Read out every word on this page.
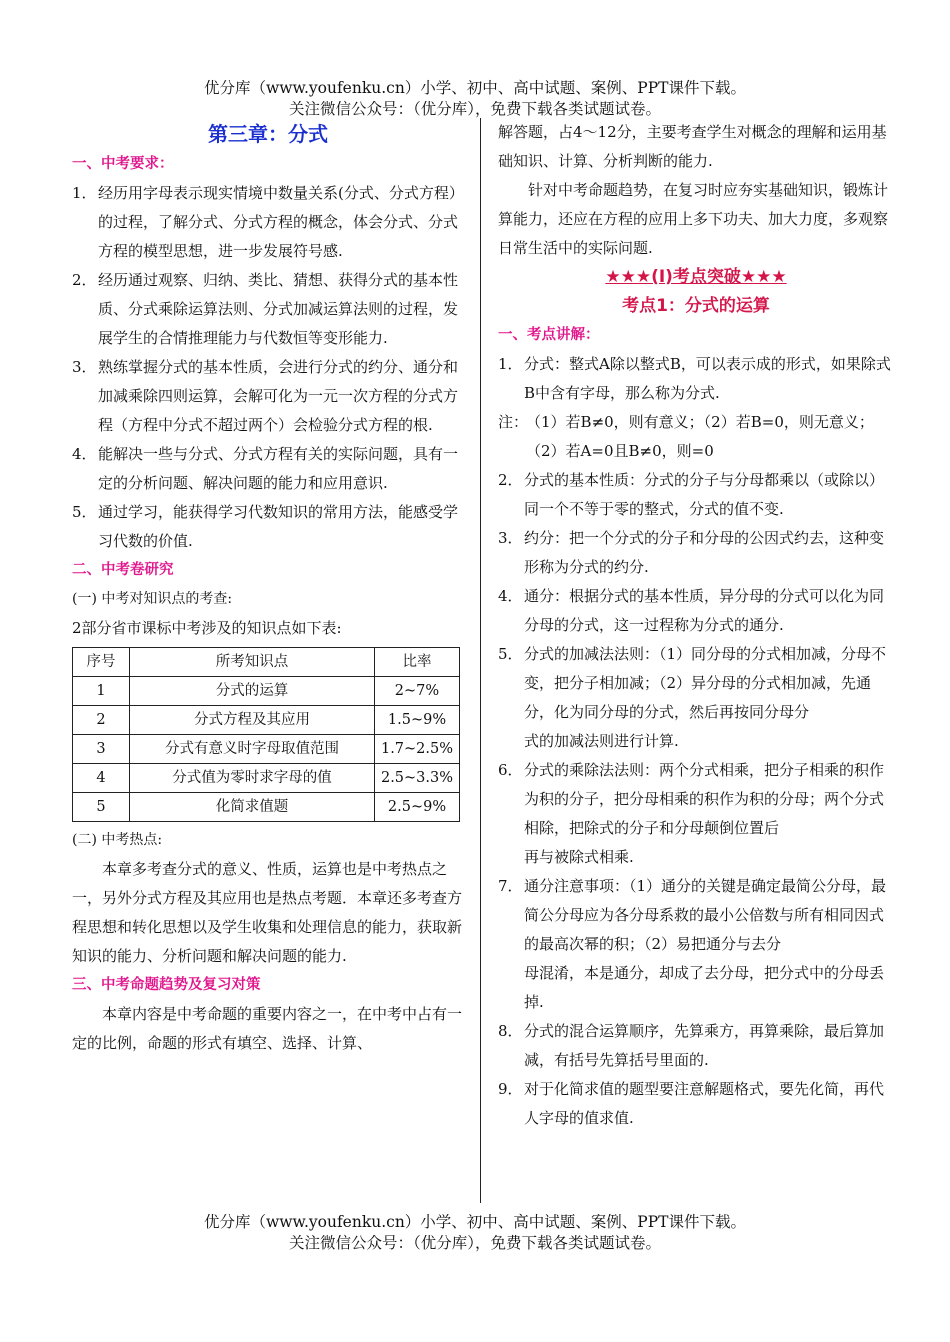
优分库（www.youfenku.cn）小学、初中、高中试题、案例、PPT课件下载。
关注微信公众号：（优分库），免费下载各类试题试卷。
第三章：分式
一、中考要求：
1． 经历用字母表示现实情境中数量关系(分式、分式方程）的过程，了解分式、分式方程的概念，体会分式、分式方程的模型思想，进一步发展符号感.
2． 经历通过观察、归纳、类比、猜想、获得分式的基本性质、分式乘除运算法则、分式加减运算法则的过程，发展学生的合情推理能力与代数恒等变形能力.
3． 熟练掌握分式的基本性质，会进行分式的约分、通分和加减乘除四则运算，会解可化为一元一次方程的分式方程（方程中分式不超过两个）会检验分式方程的根.
4． 能解决一些与分式、分式方程有关的实际问题，具有一定的分析问题、解决问题的能力和应用意识.
5． 通过学习，能获得学习代数知识的常用方法，能感受学习代数的价值.
二、中考卷研究
(一) 中考对知识点的考查:
2部分省市课标中考涉及的知识点如下表:
序号	所考知识点	比率
1	分式的运算	2~7%
2	分式方程及其应用	1.5~9%
3	分式有意义时字母取值范围	1.7~2.5%
4	分式值为零时求字母的值	2.5~3.3%
5	化简求值题	2.5~9%
(二) 中考热点:
本章多考查分式的意义、性质，运算也是中考热点之一，另外分式方程及其应用也是热点考题．本章还多考查方程思想和转化思想以及学生收集和处理信息的能力，获取新知识的能力、分析问题和解决问题的能力.
三、中考命题趋势及复习对策
本章内容是中考命题的重要内容之一，在中考中占有一定的比例，命题的形式有填空、选择、计算、
解答题，占4～12分，主要考查学生对概念的理解和运用基础知识、计算、分析判断的能力.
针对中考命题趋势，在复习时应夯实基础知识，锻炼计算能力，还应在方程的应用上多下功夫、加大力度，多观察日常生活中的实际问题.
★★★(I)考点突破★★★
考点1：分式的运算
一、考点讲解：
1． 分式：整式A除以整式B，可以表示成的形式，如果除式B中含有字母，那么称为分式.
注：
（1）若B≠0，则有意义；（2）若B=0，则无意义；（2）若A=0且B≠0，则=0
2． 分式的基本性质：分式的分子与分母都乘以（或除以）同一个不等于零的整式，分式的值不变.
3． 约分：把一个分式的分子和分母的公因式约去，这种变形称为分式的约分.
4． 通分：根据分式的基本性质，异分母的分式可以化为同分母的分式，这一过程称为分式的通分.
5． 分式的加减法法则：（1）同分母的分式相加减，分母不变，把分子相加减；（2）异分母的分式相加减，先通分，化为同分母的分式，然后再按同分母分
式的加减法则进行计算.
6． 分式的乘除法法则：两个分式相乘，把分子相乘的积作为积的分子，把分母相乘的积作为积的分母；两个分式相除，把除式的分子和分母颠倒位置后
再与被除式相乘.
7． 通分注意事项：（1）通分的关键是确定最简公分母，最简公分母应为各分母系救的最小公倍数与所有相同因式的最高次幂的积；（2）易把通分与去分
母混淆，本是通分，却成了去分母，把分式中的分母丢掉.
8． 分式的混合运算顺序，先算乘方，再算乘除，最后算加减，有括号先算括号里面的.
9． 对于化简求值的题型要注意解题格式，要先化简，再代人字母的值求值.
优分库（www.youfenku.cn）小学、初中、高中试题、案例、PPT课件下载。
关注微信公众号：（优分库），免费下载各类试题试卷。
